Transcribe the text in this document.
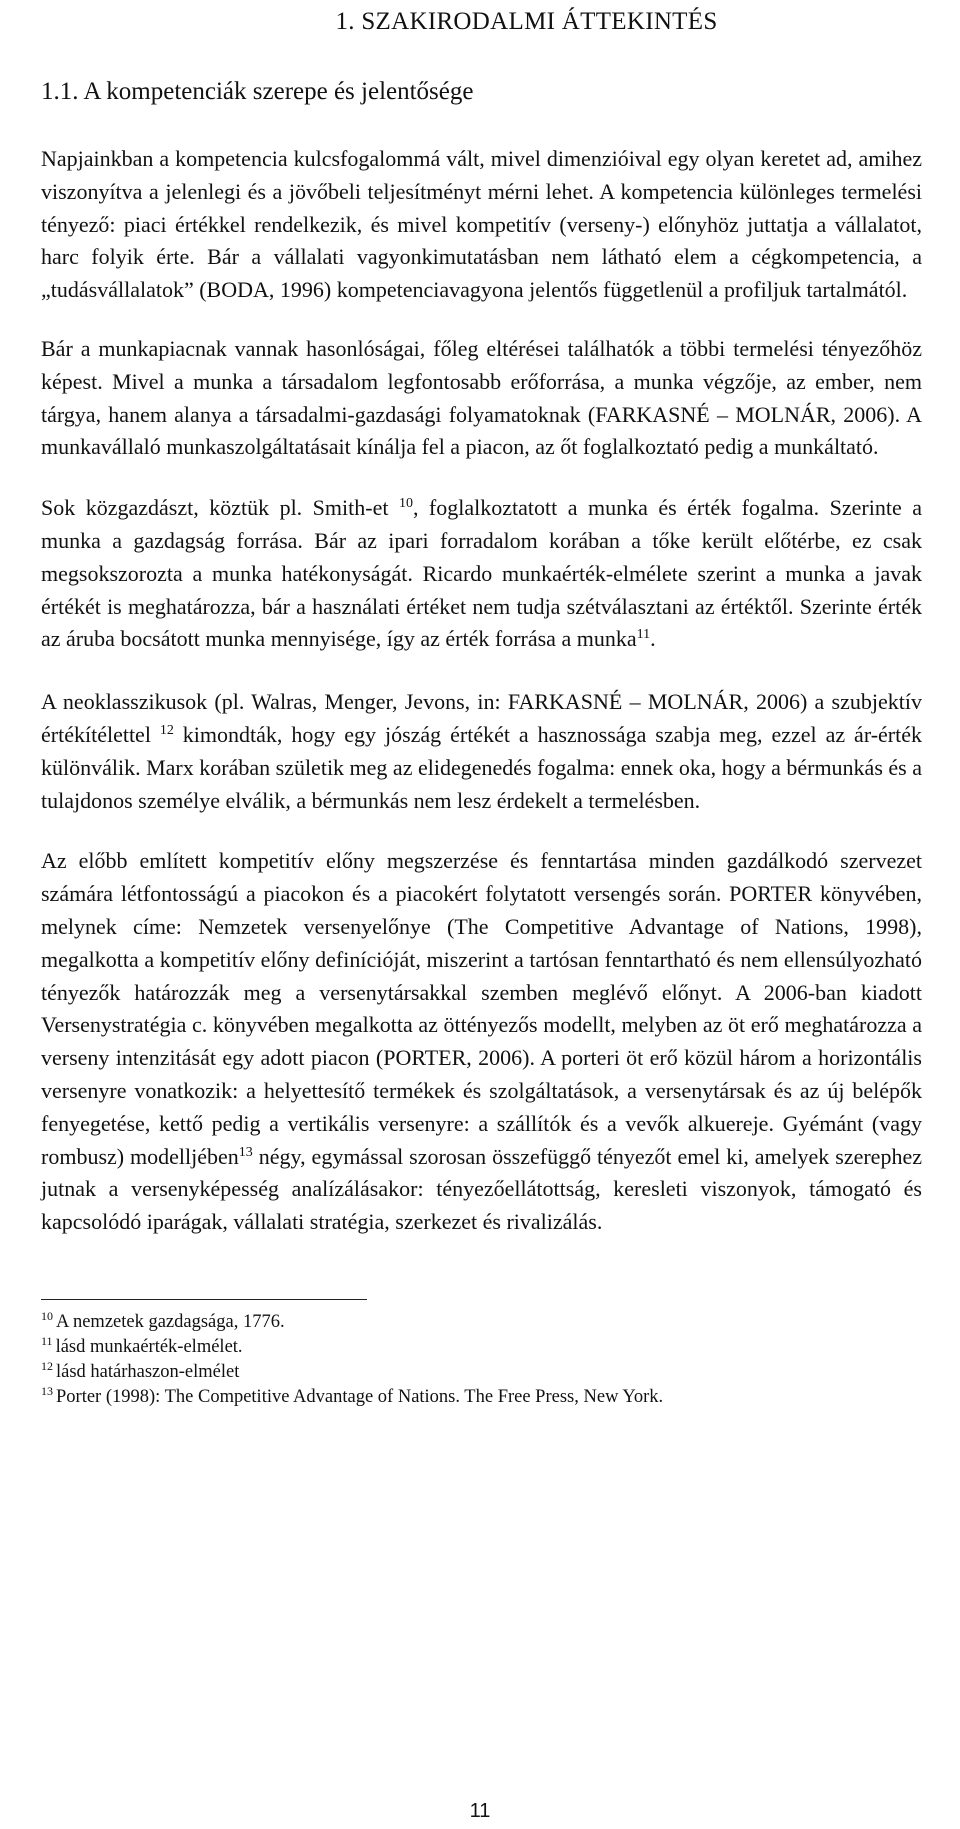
1. SZAKIRODALMI ÁTTEKINTÉS
1.1. A kompetenciák szerepe és jelentősége

Napjainkban a kompetencia kulcsfogalommá vált, mivel dimenzióival egy olyan keretet ad, amihez viszonyítva a jelenlegi és a jövőbeli teljesítményt mérni lehet. A kompetencia különleges termelési tényező: piaci értékkel rendelkezik, és mivel kompetitív (verseny-) előnyhöz juttatja a vállalatot, harc folyik érte. Bár a vállalati vagyonkimutatásban nem látható elem a cégkompetencia, a „tudásvállalatok” (BODA, 1996) kompetenciavagyona jelentős függetlenül a profiljuk tartalmától.

Bár a munkapiacnak vannak hasonlóságai, főleg eltérései találhatók a többi termelési tényezőhöz képest. Mivel a munka a társadalom legfontosabb erőforrása, a munka végzője, az ember, nem tárgya, hanem alanya a társadalmi-gazdasági folyamatoknak (FARKASNÉ – MOLNÁR, 2006). A munkavállaló munkaszolgáltatásait kínálja fel a piacon, az őt foglalkoztató pedig a munkáltató.

Sok közgazdászt, köztük pl. Smith-et $^{10}$, foglalkoztatott a munka és érték fogalma. Szerinte a munka a gazdagság forrása. Bár az ipari forradalom korában a tőke került előtérbe, ez csak megsokszorozta a munka hatékonyságát. Ricardo munkaérték-elmélete szerint a munka a javak értékét is meghatározza, bár a használati értéket nem tudja szétválasztani az értéktől. Szerinte érték az áruba bocsátott munka mennyisége, így az érték forrása a munka$^{11}$.

A neoklasszikusok (pl. Walras, Menger, Jevons, in: FARKASNÉ – MOLNÁR, 2006) a szubjektív értékítélettel $^{12}$ kimondták, hogy egy jószág értékét a hasznossága szabja meg, ezzel az ár-érték különválik. Marx korában születik meg az elidegenedés fogalma: ennek oka, hogy a bérmunkás és a tulajdonos személye elválik, a bérmunkás nem lesz érdekelt a termelésben.

Az előbb említett kompetitív előny megszerzése és fenntartása minden gazdálkodó szervezet számára létfontosságú a piacokon és a piacokért folytatott versengés során. PORTER könyvében, melynek címe: Nemzetek versenyelőnye (The Competitive Advantage of Nations, 1998), megalkotta a kompetitív előny definícióját, miszerint a tartósan fenntartható és nem ellensúlyozható tényezők határozzák meg a versenytársakkal szemben meglévő előnyt. A 2006-ban kiadott Versenystratégia c. könyvében megalkotta az öttényezős modellt, melyben az öt erő meghatározza a verseny intenzitását egy adott piacon (PORTER, 2006). A porteri öt erő közül három a horizontális versenyre vonatkozik: a helyettesítő termékek és szolgáltatások, a versenytársak és az új belépők fenyegetése, kettő pedig a vertikális versenyre: a szállítók és a vevők alkuereje. Gyémánt (vagy rombusz) modelljében$^{13}$ négy, egymással szorosan összefüggő tényezőt emel ki, amelyek szerephez jutnak a versenyképesség analízálásakor: tényezőellátottság, keresleti viszonyok, támogató és kapcsolódó iparágak, vállalati stratégia, szerkezet és rivalizálás.

$^{10}$ A nemzetek gazdagsága, 1776.

$^{11}$ lásd munkaérték-elmélet.

$^{12}$ lásd határhaszon-elmélet

$^{13}$ Porter (1998): The Competitive Advantage of Nations. The Free Press, New York.

11
